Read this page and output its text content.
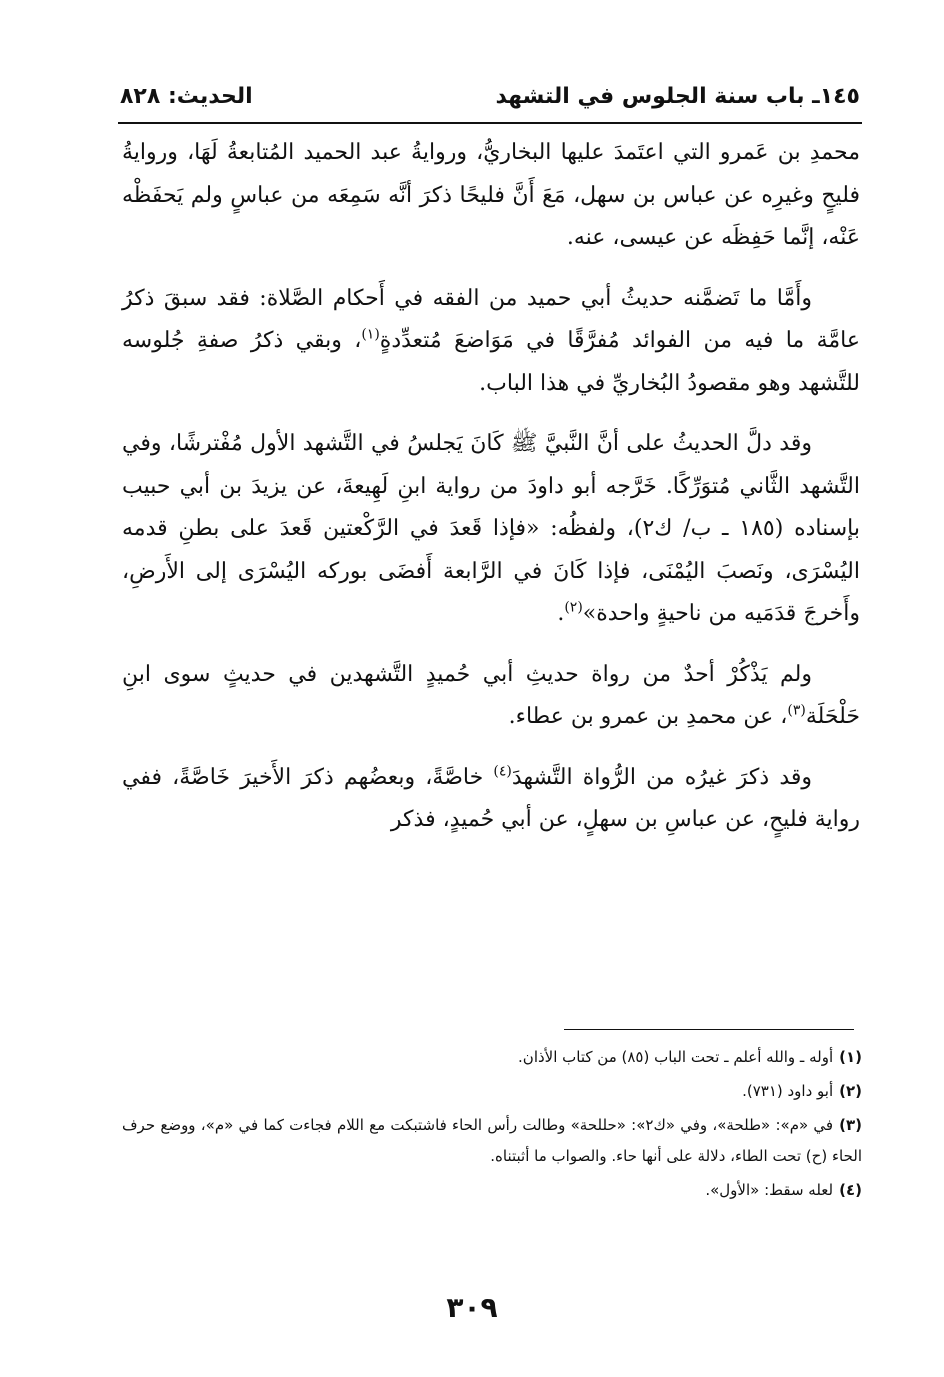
١٤٥ـ باب سنة الجلوس في التشهد
الحديث: ٨٢٨

محمدِ بن عَمرو التي اعتَمدَ عليها البخاريُّ، وروايةُ عبد الحميد المُتابعةُ لَهَا، وروايةُ فليحٍ وغيرِه عن عباس بن سهل، مَعَ أَنَّ فليحًا ذكرَ أنَّه سَمِعَه من عباسٍ ولم يَحفَظْه عَنْه، إنَّما حَفِظَه عن عيسى، عنه.

وأَمَّا ما تَضمَّنه حديثُ أبي حميد من الفقه في أَحكام الصَّلاة: فقد سبقَ ذكرُ عامَّة ما فيه من الفوائد مُفرَّقًا في مَوَاضعَ مُتعدِّدةٍ$^{(١)}$، وبقي ذكرُ صفةِ جُلوسه للتَّشهد وهو مقصودُ البُخاريِّ في هذا الباب.

وقد دلَّ الحديثُ على أنَّ النَّبيَّ ﷺ كَانَ يَجلسُ في التَّشهد الأول مُفْترشًا، وفي التَّشهد الثَّاني مُتوَرِّكًا. خَرَّجه أبو داودَ من رواية ابنِ لَهِيعةَ، عن يزيدَ بن أبي حبيب بإسناده (١٨٥ ـ ب/ ك٢)، ولفظُه: «فإذا قَعدَ في الرَّكْعتين قَعدَ على بطنِ قدمه اليُسْرَى، ونَصبَ اليُمْنَى، فإذا كَانَ في الرَّابعة أَفضَى بوركه اليُسْرَى إلى الأَرضِ، وأَخرجَ قدَمَيه من ناحيةٍ واحدة»$^{(٢)}$.

ولم يَذْكُرْ أحدٌ من رواة حديثِ أبي حُميدٍ التَّشهدين في حديثٍ سوى ابنِ حَلْحَلَة$^{(٣)}$، عن محمدِ بن عمرو بن عطاء.

وقد ذكرَ غيرُه من الرُّواة التَّشهدَ$^{(٤)}$ خاصَّةً، وبعضُهم ذكرَ الأَخيرَ خَاصَّةً، ففي رواية فليحٍ، عن عباسِ بن سهلٍ، عن أبي حُميدٍ، فذكر

(١)أوله ـ والله أعلم ـ تحت الباب (٨٥) من كتاب الأذان.
(٢)أبو داود (٧٣١).
(٣)في «م»: «طلحة»، وفي «ك٢»: «حللحة» وطالت رأس الحاء فاشتبكت مع اللام فجاءت كما في «م»، ووضع حرف الحاء (ح) تحت الطاء، دلالة على أنها حاء. والصواب ما أثبتناه.
(٤)لعله سقط: «الأول».
٣٠٩
